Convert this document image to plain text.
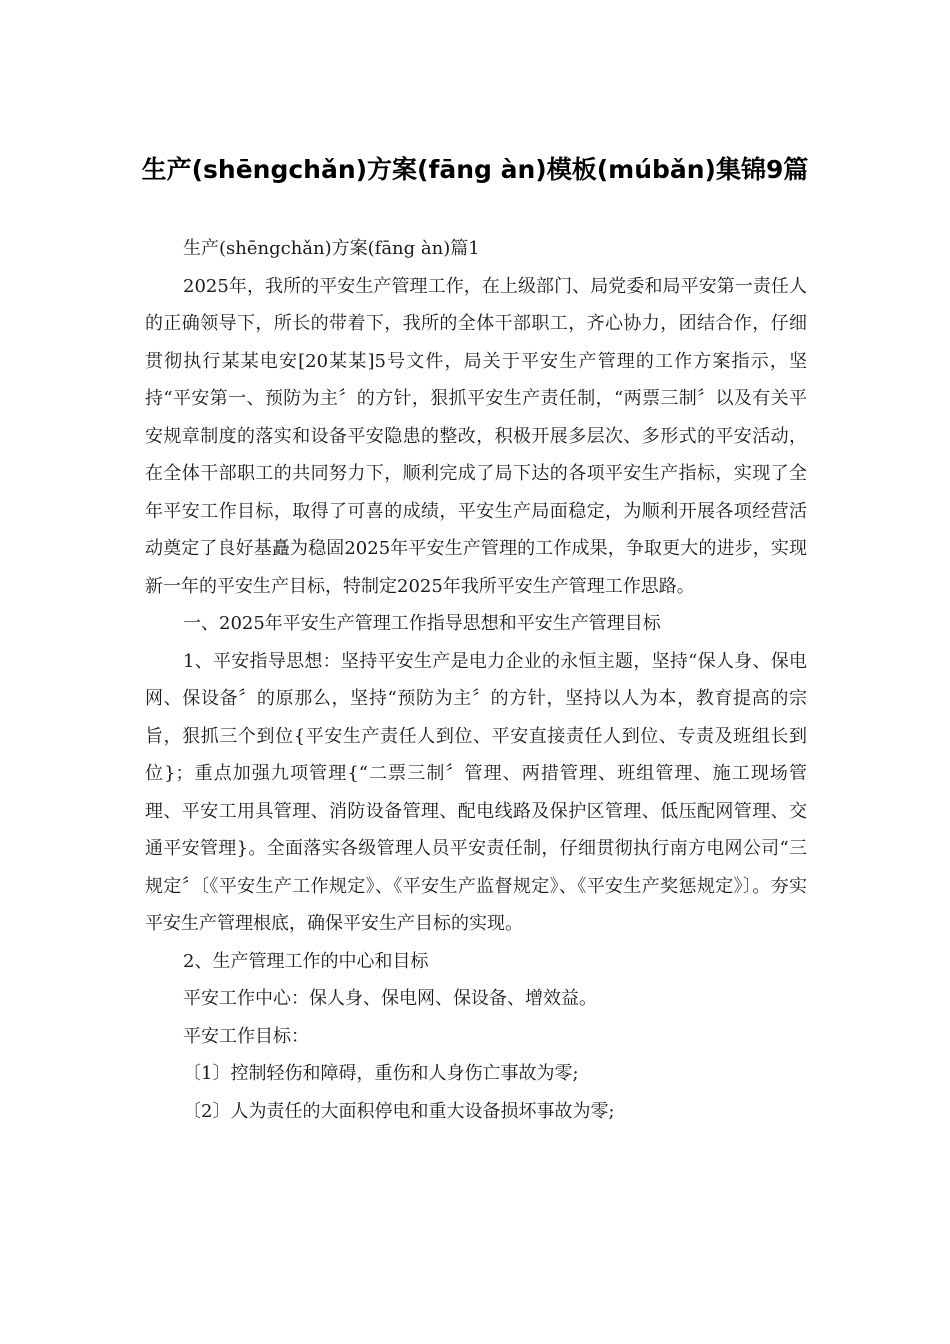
生产(shēngchǎn)方案(fāng àn)模板(múbǎn)集锦9篇

生产(shēngchǎn)方案(fāng àn)篇1

2025年，我所的平安生产管理工作，在上级部门、局党委和局平安第一责任人的正确领导下，所长的带着下，我所的全体干部职工，齐心协力，团结合作，仔细贯彻执行某某电安[20某某]5号文件，局关于平安生产管理的工作方案指示，坚持“平安第一、预防为主〞的方针，狠抓平安生产责任制，“两票三制〞以及有关平安规章制度的落实和设备平安隐患的整改，积极开展多层次、多形式的平安活动，在全体干部职工的共同努力下，顺利完成了局下达的各项平安生产指标，实现了全年平安工作目标，取得了可喜的成绩，平安生产局面稳定，为顺利开展各项经营活动奠定了良好基矗为稳固2025年平安生产管理的工作成果，争取更大的进步，实现新一年的平安生产目标，特制定2025年我所平安生产管理工作思路。

一、2025年平安生产管理工作指导思想和平安生产管理目标

1、平安指导思想：坚持平安生产是电力企业的永恒主题，坚持“保人身、保电网、保设备〞的原那么，坚持“预防为主〞的方针，坚持以人为本，教育提高的宗旨，狠抓三个到位{平安生产责任人到位、平安直接责任人到位、专责及班组长到位}；重点加强九项管理{“二票三制〞管理、两措管理、班组管理、施工现场管理、平安工用具管理、消防设备管理、配电线路及保护区管理、低压配网管理、交通平安管理}。全面落实各级管理人员平安责任制，仔细贯彻执行南方电网公司“三规定〞〔《平安生产工作规定》、《平安生产监督规定》、《平安生产奖惩规定》〕。夯实平安生产管理根底，确保平安生产目标的实现。

2、生产管理工作的中心和目标

平安工作中心：保人身、保电网、保设备、增效益。

平安工作目标：

〔1〕控制轻伤和障碍，重伤和人身伤亡事故为零;

〔2〕人为责任的大面积停电和重大设备损坏事故为零;
